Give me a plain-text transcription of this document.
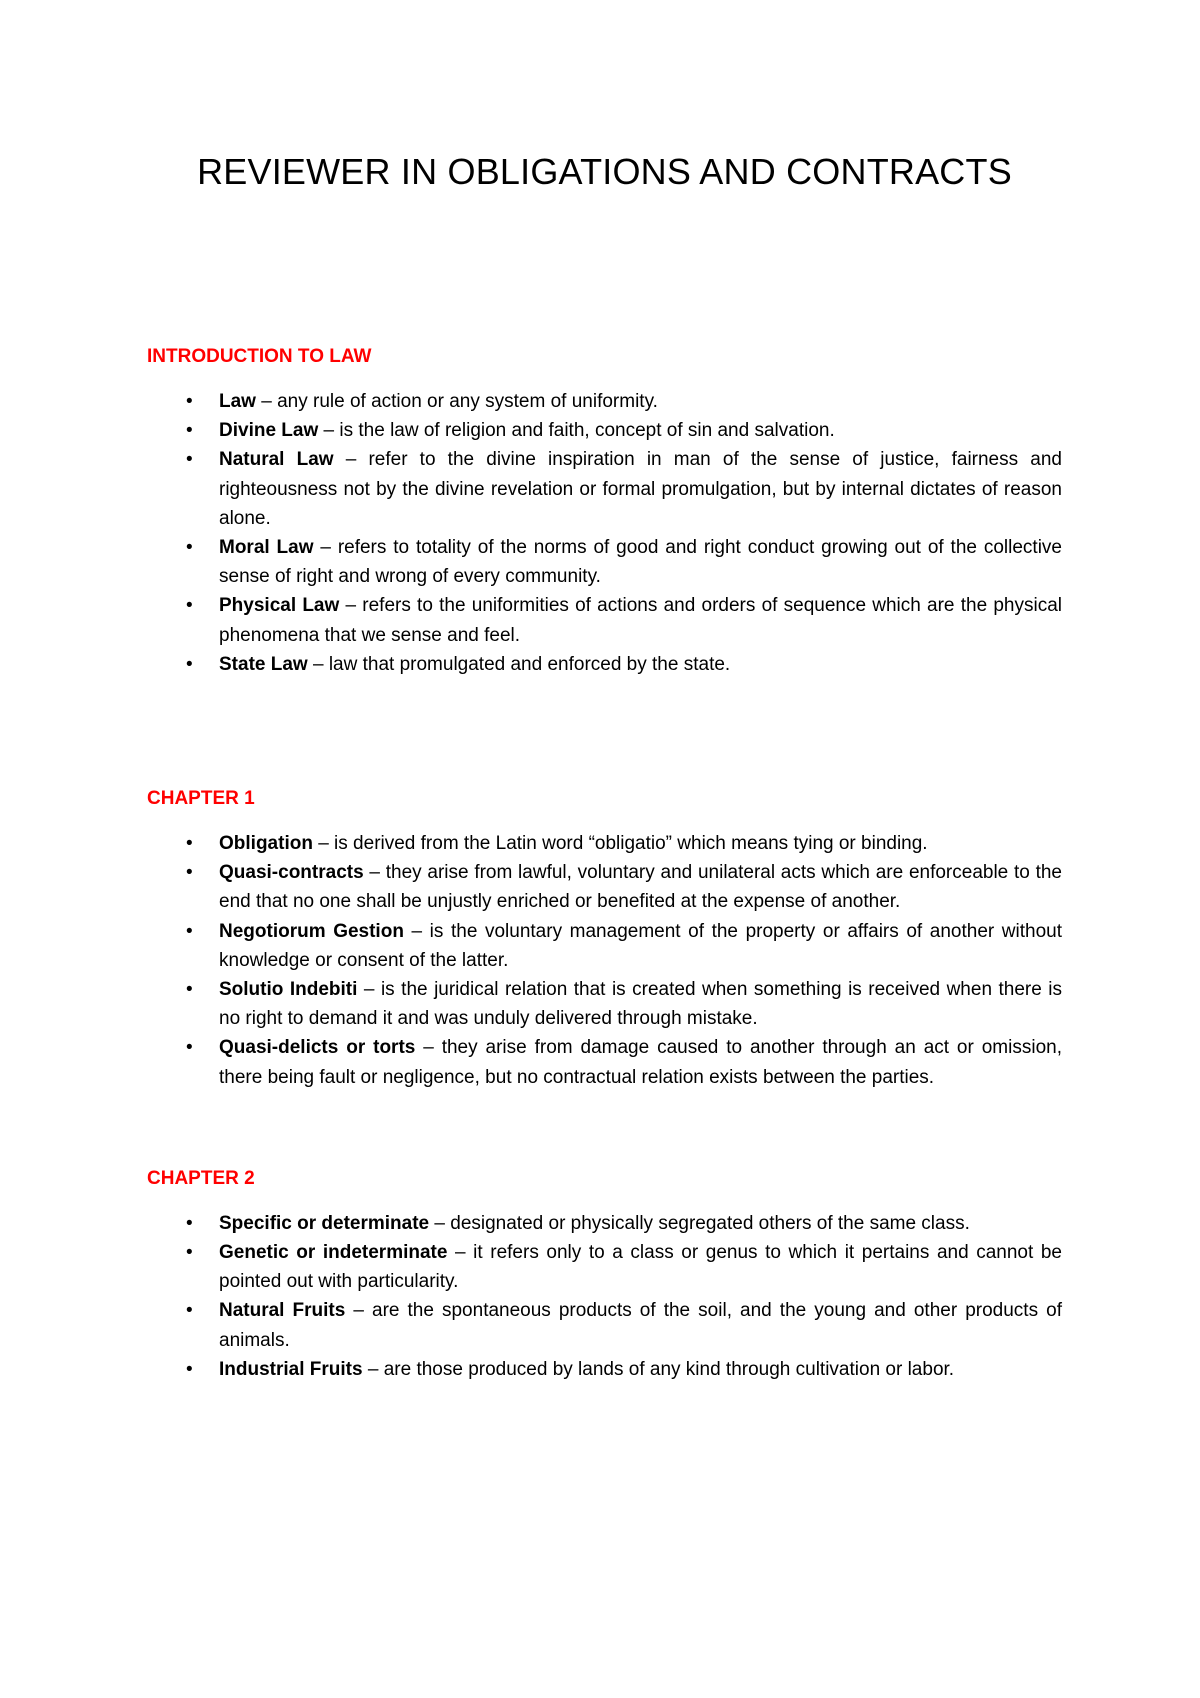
REVIEWER IN OBLIGATIONS AND CONTRACTS
INTRODUCTION TO LAW
• Law – any rule of action or any system of uniformity.
• Divine Law – is the law of religion and faith, concept of sin and salvation.
• Natural Law – refer to the divine inspiration in man of the sense of justice, fairness and righteousness not by the divine revelation or formal promulgation, but by internal dictates of reason alone.
• Moral Law – refers to totality of the norms of good and right conduct growing out of the collective sense of right and wrong of every community.
• Physical Law – refers to the uniformities of actions and orders of sequence which are the physical phenomena that we sense and feel.
• State Law – law that promulgated and enforced by the state.
CHAPTER 1
• Obligation – is derived from the Latin word “obligatio” which means tying or binding.
• Quasi-contracts – they arise from lawful, voluntary and unilateral acts which are enforceable to the end that no one shall be unjustly enriched or benefited at the expense of another.
• Negotiorum Gestion – is the voluntary management of the property or affairs of another without knowledge or consent of the latter.
• Solutio Indebiti – is the juridical relation that is created when something is received when there is no right to demand it and was unduly delivered through mistake.
• Quasi-delicts or torts – they arise from damage caused to another through an act or omission, there being fault or negligence, but no contractual relation exists between the parties.
CHAPTER 2
• Specific or determinate – designated or physically segregated others of the same class.
• Genetic or indeterminate – it refers only to a class or genus to which it pertains and cannot be pointed out with particularity.
• Natural Fruits – are the spontaneous products of the soil, and the young and other products of animals.
• Industrial Fruits – are those produced by lands of any kind through cultivation or labor.
